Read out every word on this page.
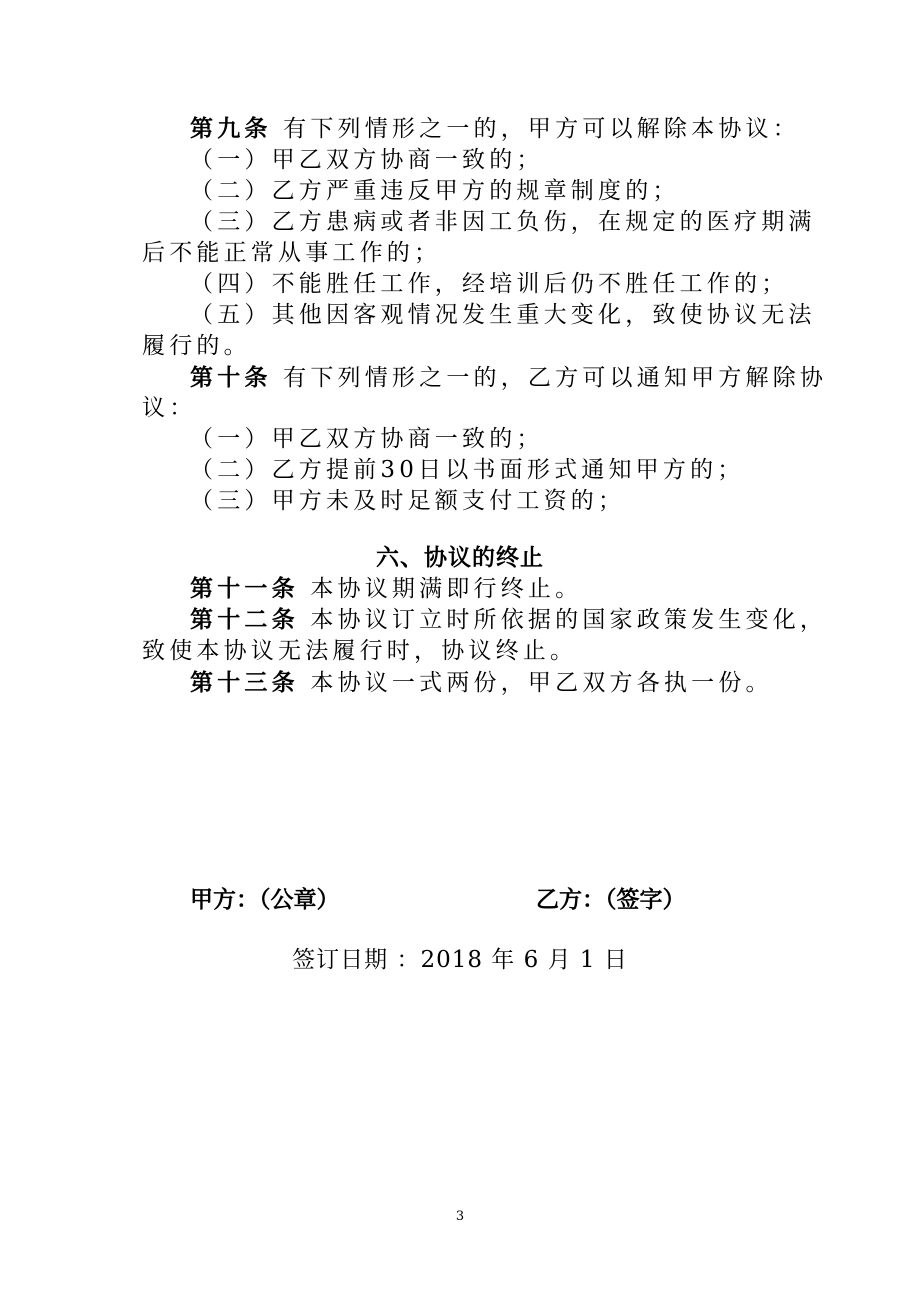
第九条 有下列情形之一的，甲方可以解除本协议：
（一）甲乙双方协商一致的；
（二）乙方严重违反甲方的规章制度的；
（三）乙方患病或者非因工负伤，在规定的医疗期满
后不能正常从事工作的；
（四）不能胜任工作，经培训后仍不胜任工作的；
（五）其他因客观情况发生重大变化，致使协议无法
履行的。
第十条 有下列情形之一的，乙方可以通知甲方解除协
议：
（一）甲乙双方协商一致的；
（二）乙方提前30日以书面形式通知甲方的；
（三）甲方未及时足额支付工资的；
六、协议的终止
第十一条 本协议期满即行终止。
第十二条 本协议订立时所依据的国家政策发生变化，
致使本协议无法履行时，协议终止。
第十三条 本协议一式两份，甲乙双方各执一份。
甲方：（公章）	乙方：（签字）
签订日期 ：2018 年 6 月 1 日
3
